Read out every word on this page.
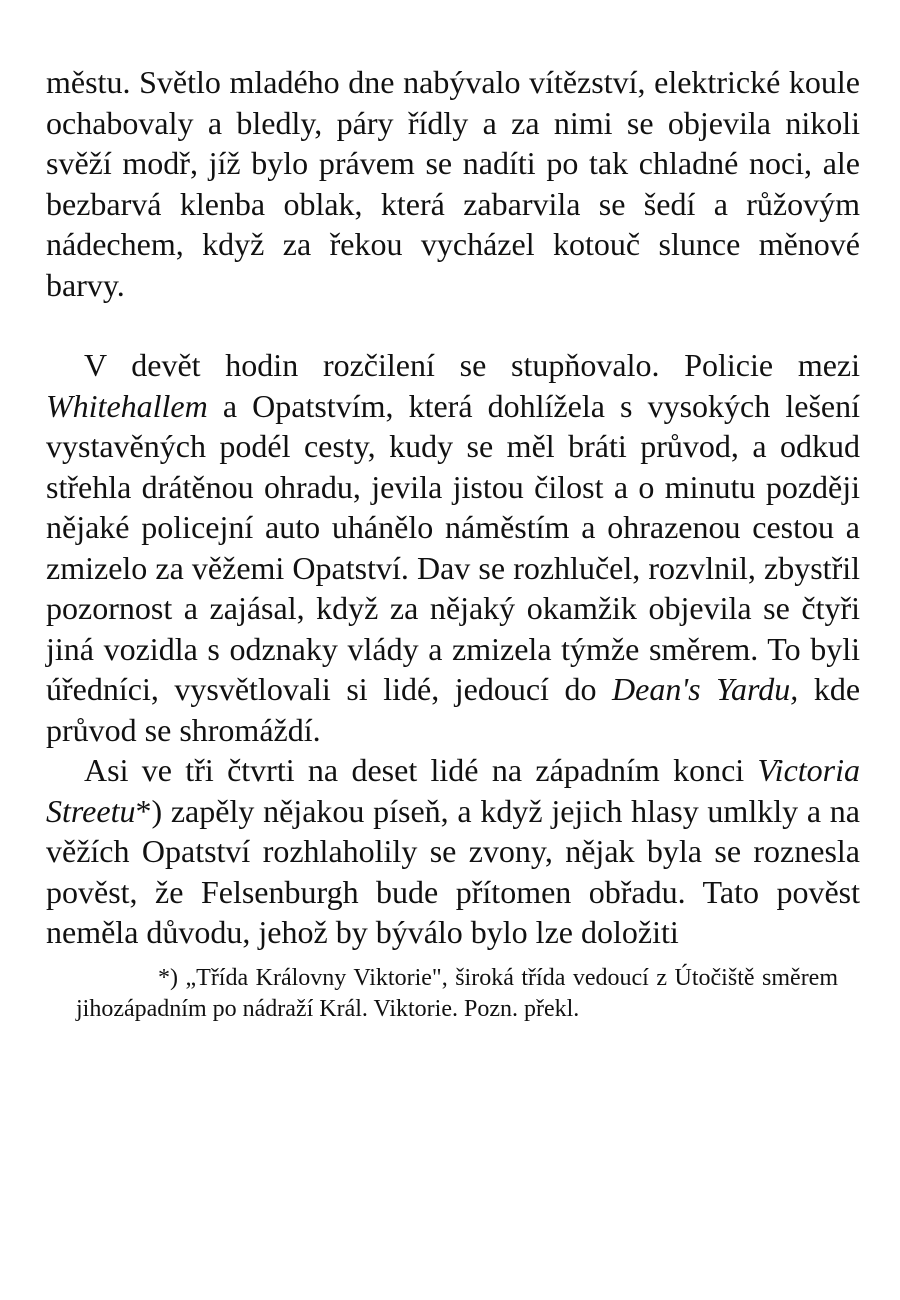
městu. Světlo mladého dne nabývalo vítězství, elektrické koule ochabovaly a bledly, páry řídly a za nimi se objevila nikoli svěží modř, jíž bylo právem se nadíti po tak chladné noci, ale bezbarvá klenba oblak, která zabarvila se šedí a růžovým nádechem, když za řekou vycházel kotouč slunce měnové barvy.

V devět hodin rozčilení se stupňovalo. Policie mezi Whitehallem a Opatstvím, která dohlížela s vysokých lešení vystavěných podél cesty, kudy se měl bráti průvod, a odkud střehla drátěnou ohradu, jevila jistou čilost a o minutu později nějaké policejní auto uhánělo náměstím a ohrazenou cestou a zmizelo za věžemi Opatství. Dav se rozhlučel, rozvlnil, zbystřil pozornost a zajásal, když za nějaký okamžik objevila se čtyři jiná vozidla s odznaky vlády a zmizela týmže směrem. To byli úředníci, vysvětlovali si lidé, jedoucí do Dean's Yardu, kde průvod se shromáždí.

Asi ve tři čtvrti na deset lidé na západním konci Victoria Streetu*) zapěly nějakou píseň, a když jejich hlasy umlkly a na věžích Opatství rozhlaholily se zvony, nějak byla se roznesla pověst, že Felsenburgh bude přítomen obřadu. Tato pověst neměla důvodu, jehož by býválo bylo lze doložiti

*) „Třída Královny Viktorie", široká třída vedoucí z Útočiště směrem jihozápadním po nádraží Král. Viktorie. Pozn. překl.
